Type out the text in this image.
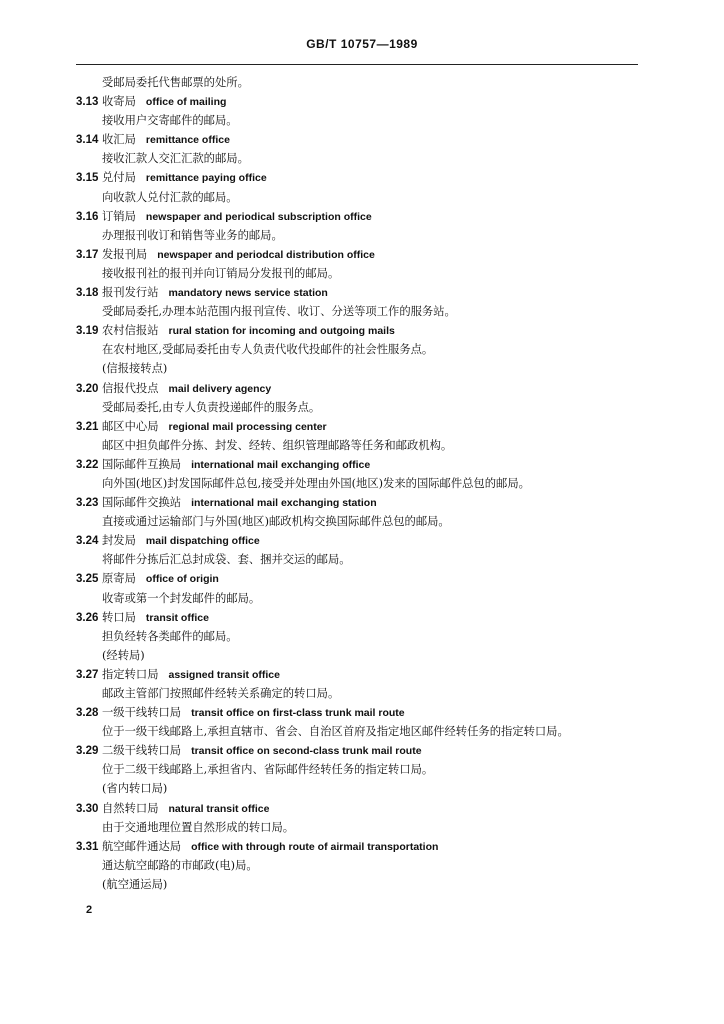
GB/T 10757—1989
受邮局委托代售邮票的处所。
3.13 收寄局 office of mailing
接收用户交寄邮件的邮局。
3.14 收汇局 remittance office
接收汇款人交汇汇款的邮局。
3.15 兑付局 remittance paying office
向收款人兑付汇款的邮局。
3.16 订销局 newspaper and periodical subscription office
办理报刊收订和销售等业务的邮局。
3.17 发报刊局 newspaper and periodcal distribution office
接收报刊社的报刊并向订销局分发报刊的邮局。
3.18 报刊发行站 mandatory news service station
受邮局委托,办理本站范围内报刊宣传、收订、分送等项工作的服务站。
3.19 农村信报站 rural station for incoming and outgoing mails
在农村地区,受邮局委托由专人负责代收代投邮件的社会性服务点。
(信报接转点)
3.20 信报代投点 mail delivery agency
受邮局委托,由专人负责投递邮件的服务点。
3.21 邮区中心局 regional mail processing center
邮区中担负邮件分拣、封发、经转、组织管理邮路等任务和邮政机构。
3.22 国际邮件互换局 international mail exchanging office
向外国(地区)封发国际邮件总包,接受并处理由外国(地区)发来的国际邮件总包的邮局。
3.23 国际邮件交换站 international mail exchanging station
直接或通过运输部门与外国(地区)邮政机构交换国际邮件总包的邮局。
3.24 封发局 mail dispatching office
将邮件分拣后汇总封成袋、套、捆并交运的邮局。
3.25 原寄局 office of origin
收寄或第一个封发邮件的邮局。
3.26 转口局 transit office
担负经转各类邮件的邮局。
(经转局)
3.27 指定转口局 assigned transit office
邮政主管部门按照邮件经转关系确定的转口局。
3.28 一级干线转口局 transit office on first-class trunk mail route
位于一级干线邮路上,承担直辖市、省会、自治区首府及指定地区邮件经转任务的指定转口局。
3.29 二级干线转口局 transit office on second-class trunk mail route
位于二级干线邮路上,承担省内、省际邮件经转任务的指定转口局。
(省内转口局)
3.30 自然转口局 natural transit office
由于交通地理位置自然形成的转口局。
3.31 航空邮件通达局 office with through route of airmail transportation
通达航空邮路的市邮政(电)局。
(航空通运局)
2
